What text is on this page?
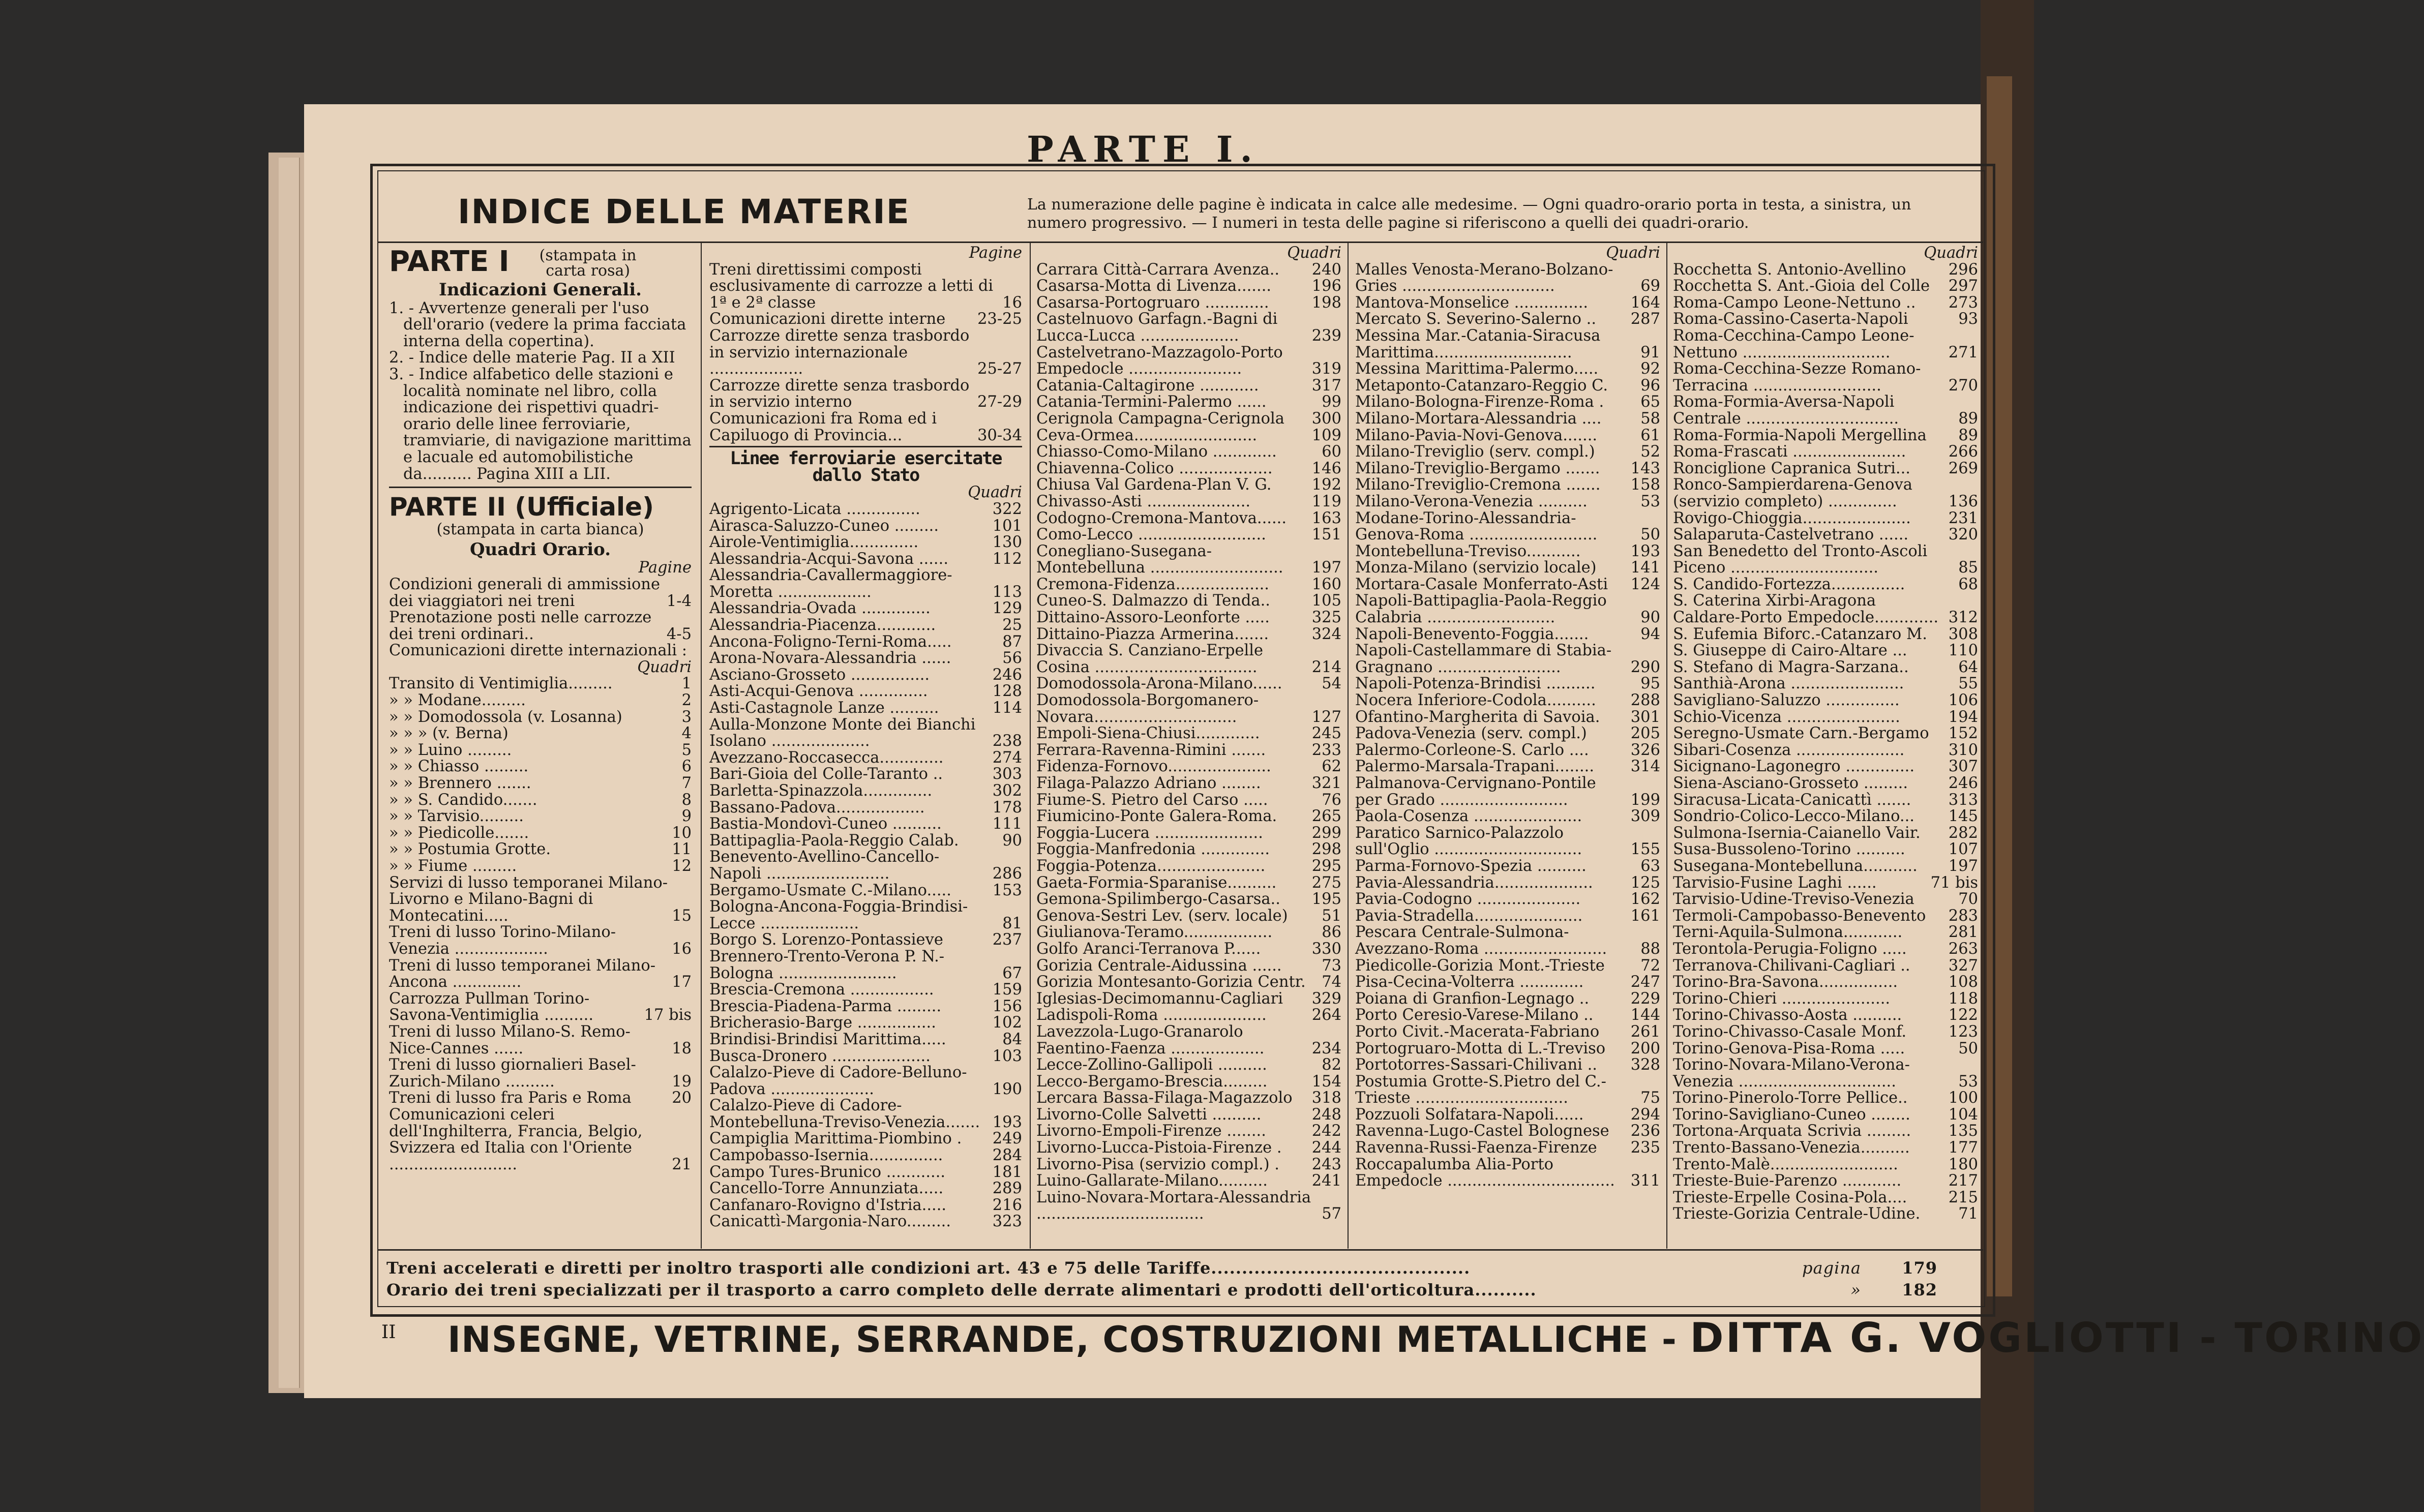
PARTE I.
INDICE DELLE MATERIE	La numerazione delle pagine è indicata in calce alle medesime. — Ogni quadro-orario porta in testa, a sinistra, un numero progressivo. — I numeri in testa delle pagine si riferiscono a quelli dei quadri-orario.
PARTE I (stampata in carta rosa)
Indicazioni Generali.
1. - Avvertenze generali per l'uso dell'orario (vedere la prima facciata interna della copertina).
2. - Indice delle materie Pag. II a XII
3. - Indice alfabetico delle stazioni e località nominate nel libro, colla indicazione dei rispettivi quadri-orario delle linee ferroviarie, tramviarie, di navigazione marittima e lacuale ed automobilistiche da.......... Pagina XIII a LII.
PARTE II (Ufficiale)
(stampata in carta bianca)
Quadri Orario.
Pagine
Condizioni generali di ammissione dei viaggiatori nei treni	1-4
Prenotazione posti nelle carrozze dei treni ordinari..	4-5
Comunicazioni dirette internazionali :
Quadri
Transito di Ventimiglia.........	1
» » Modane.........	2
» » Domodossola (v. Losanna)	3
» » » (v. Berna)	4
» » Luino .........	5
» » Chiasso .........	6
» » Brennero .......	7
» » S. Candido.......	8
» » Tarvisio.........	9
» » Piedicolle.......	10
» » Postumia Grotte.	11
» » Fiume .........	12
Servizi di lusso temporanei Milano-Livorno e Milano-Bagni di Montecatini.....	15
Treni di lusso Torino-Milano-Venezia ...................	16
Treni di lusso temporanei Milano-Ancona ..............	17
Carrozza Pullman Torino-Savona-Ventimiglia ..........	17 bis
Treni di lusso Milano-S. Remo-Nice-Cannes ......	18
Treni di lusso giornalieri Basel-Zurich-Milano ..........	19
Treni di lusso fra Paris e Roma	20
Comunicazioni celeri dell'Inghilterra, Francia, Belgio, Svizzera ed Italia con l'Oriente ..........................	21
Pagine
Treni direttissimi composti esclusivamente di carrozze a letti di 1ª e 2ª classe	16
Comunicazioni dirette interne	23-25
Carrozze dirette senza trasbordo in servizio internazionale ...................	25-27
Carrozze dirette senza trasbordo in servizio interno	27-29
Comunicazioni fra Roma ed i Capiluogo di Provincia...	30-34
Linee ferroviarie esercitate dallo Stato
Quadri
Agrigento-Licata ...............	322
Airasca-Saluzzo-Cuneo .........	101
Airole-Ventimiglia..............	130
Alessandria-Acqui-Savona ......	112
Alessandria-Cavallermaggiore-Moretta ...................	113
Alessandria-Ovada ..............	129
Alessandria-Piacenza............	25
Ancona-Foligno-Terni-Roma.....	87
Arona-Novara-Alessandria ......	56
Asciano-Grosseto ................	246
Asti-Acqui-Genova ..............	128
Asti-Castagnole Lanze ..........	114
Aulla-Monzone Monte dei Bianchi Isolano ....................	238
Avezzano-Roccasecca.............	274
Bari-Gioia del Colle-Taranto ..	303
Barletta-Spinazzola..............	302
Bassano-Padova..................	178
Bastia-Mondovì-Cuneo ..........	111
Battipaglia-Paola-Reggio Calab.	90
Benevento-Avellino-Cancello-Napoli .........................	286
Bergamo-Usmate C.-Milano.....	153
Bologna-Ancona-Foggia-Brindisi-Lecce ....................	81
Borgo S. Lorenzo-Pontassieve	237
Brennero-Trento-Verona P. N.-Bologna ........................	67
Brescia-Cremona .................	159
Brescia-Piadena-Parma .........	156
Bricherasio-Barge ................	102
Brindisi-Brindisi Marittima.....	84
Busca-Dronero ....................	103
Calalzo-Pieve di Cadore-Belluno-Padova .....................	190
Calalzo-Pieve di Cadore-Montebelluna-Treviso-Venezia....... 193
Campiglia Marittima-Piombino .	249
Campobasso-Isernia...............	284
Campo Tures-Brunico ............	181
Cancello-Torre Annunziata.....	289
Canfanaro-Rovigno d'Istria.....	216
Canicattì-Margonia-Naro.........	323
Quadri
Carrara Città-Carrara Avenza..	240
Casarsa-Motta di Livenza.......	196
Casarsa-Portogruaro .............	198
Castelnuovo Garfagn.-Bagni di Lucca-Lucca ....................	239
Castelvetrano-Mazzagolo-Porto Empedocle .......................	319
Catania-Caltagirone ............	317
Catania-Termini-Palermo ......	99
Cerignola Campagna-Cerignola	300
Ceva-Ormea.........................	109
Chiasso-Como-Milano .............	60
Chiavenna-Colico ...................	146
Chiusa Val Gardena-Plan V. G.	192
Chivasso-Asti .....................	119
Codogno-Cremona-Mantova......	163
Como-Lecco ..........................	151
Conegliano-Susegana-Montebelluna ...........................	197
Cremona-Fidenza...................	160
Cuneo-S. Dalmazzo di Tenda..	105
Dittaino-Assoro-Leonforte .....	325
Dittaino-Piazza Armerina.......	324
Divaccia S. Canziano-Erpelle Cosina .................................	214
Domodossola-Arona-Milano......	54
Domodossola-Borgomanero-Novara.............................	127
Empoli-Siena-Chiusi.............	245
Ferrara-Ravenna-Rimini .......	233
Fidenza-Fornovo.....................	62
Filaga-Palazzo Adriano ........	321
Fiume-S. Pietro del Carso .....	76
Fiumicino-Ponte Galera-Roma.	265
Foggia-Lucera ......................	299
Foggia-Manfredonia ..............	298
Foggia-Potenza......................	295
Gaeta-Formia-Sparanise..........	275
Gemona-Spilimbergo-Casarsa..	195
Genova-Sestri Lev. (serv. locale)	51
Giulianova-Teramo..................	86
Golfo Aranci-Terranova P......	330
Gorizia Centrale-Aidussina ......	73
Gorizia Montesanto-Gorizia Centr.	74
Iglesias-Decimomannu-Cagliari	329
Ladispoli-Roma .....................	264
Lavezzola-Lugo-Granarolo Faentino-Faenza ...................	234
Lecce-Zollino-Gallipoli ..........	82
Lecco-Bergamo-Brescia.........	154
Lercara Bassa-Filaga-Magazzolo	318
Livorno-Colle Salvetti ..........	248
Livorno-Empoli-Firenze ........	242
Livorno-Lucca-Pistoia-Firenze .	244
Livorno-Pisa (servizio compl.) .	243
Luino-Gallarate-Milano..........	241
Luino-Novara-Mortara-Alessandria ..................................	57
Quadri
Malles Venosta-Merano-Bolzano-Gries ...............................	69
Mantova-Monselice ...............	164
Mercato S. Severino-Salerno ..	287
Messina Mar.-Catania-Siracusa Marittima............................	91
Messina Marittima-Palermo.....	92
Metaponto-Catanzaro-Reggio C.	96
Milano-Bologna-Firenze-Roma .	65
Milano-Mortara-Alessandria ....	58
Milano-Pavia-Novi-Genova.......	61
Milano-Treviglio (serv. compl.)	52
Milano-Treviglio-Bergamo .......	143
Milano-Treviglio-Cremona .......	158
Milano-Verona-Venezia ..........	53
Modane-Torino-Alessandria-Genova-Roma ..........................	50
Montebelluna-Treviso...........	193
Monza-Milano (servizio locale)	141
Mortara-Casale Monferrato-Asti	124
Napoli-Battipaglia-Paola-Reggio Calabria ..........................	90
Napoli-Benevento-Foggia.......	94
Napoli-Castellammare di Stabia-Gragnano .........................	290
Napoli-Potenza-Brindisi ..........	95
Nocera Inferiore-Codola..........	288
Ofantino-Margherita di Savoia.	301
Padova-Venezia (serv. compl.)	205
Palermo-Corleone-S. Carlo ....	326
Palermo-Marsala-Trapani........	314
Palmanova-Cervignano-Pontile per Grado ..........................	199
Paola-Cosenza ......................	309
Paratico Sarnico-Palazzolo sull'Oglio ..............................	155
Parma-Fornovo-Spezia ..........	63
Pavia-Alessandria....................	125
Pavia-Codogno .....................	162
Pavia-Stradella......................	161
Pescara Centrale-Sulmona-Avezzano-Roma .........................	88
Piedicolle-Gorizia Mont.-Trieste	72
Pisa-Cecina-Volterra .............	247
Poiana di Granfion-Legnago ..	229
Porto Ceresio-Varese-Milano ..	144
Porto Civit.-Macerata-Fabriano	261
Portogruaro-Motta di L.-Treviso	200
Portotorres-Sassari-Chilivani ..	328
Postumia Grotte-S.Pietro del C.-Trieste ...............................	75
Pozzuoli Solfatara-Napoli......	294
Ravenna-Lugo-Castel Bolognese	236
Ravenna-Russi-Faenza-Firenze	235
Roccapalumba Alia-Porto Empedocle ..................................	311
Quadri
Rocchetta S. Antonio-Avellino	296
Rocchetta S. Ant.-Gioia del Colle	297
Roma-Campo Leone-Nettuno ..	273
Roma-Cassino-Caserta-Napoli	93
Roma-Cecchina-Campo Leone-Nettuno ..............................	271
Roma-Cecchina-Sezze Romano-Terracina ..........................	270
Roma-Formia-Aversa-Napoli Centrale ...............................	89
Roma-Formia-Napoli Mergellina	89
Roma-Frascati .......................	266
Ronciglione Capranica Sutri...	269
Ronco-Sampierdarena-Genova (servizio completo) ..............	136
Rovigo-Chioggia......................	231
Salaparuta-Castelvetrano ......	320
San Benedetto del Tronto-Ascoli Piceno ..............................	85
S. Candido-Fortezza...............	68
S. Caterina Xirbi-Aragona Caldare-Porto Empedocle............. 312
S. Eufemia Biforc.-Catanzaro M.	308
S. Giuseppe di Cairo-Altare ...	110
S. Stefano di Magra-Sarzana..	64
Santhià-Arona .......................	55
Savigliano-Saluzzo ...............	106
Schio-Vicenza .......................	194
Seregno-Usmate Carn.-Bergamo	152
Sibari-Cosenza ......................	310
Sicignano-Lagonegro ..............	307
Siena-Asciano-Grosseto .........	246
Siracusa-Licata-Canicattì .......	313
Sondrio-Colico-Lecco-Milano...	145
Sulmona-Isernia-Caianello Vair.	282
Susa-Bussoleno-Torino ..........	107
Susegana-Montebelluna...........	197
Tarvisio-Fusine Laghi ......	71 bis
Tarvisio-Udine-Treviso-Venezia	70
Termoli-Campobasso-Benevento	283
Terni-Aquila-Sulmona............	281
Terontola-Perugia-Foligno .....	263
Terranova-Chilivani-Cagliari ..	327
Torino-Bra-Savona................	108
Torino-Chieri ......................	118
Torino-Chivasso-Aosta ..........	122
Torino-Chivasso-Casale Monf.	123
Torino-Genova-Pisa-Roma .....	50
Torino-Novara-Milano-Verona-Venezia ................................	53
Torino-Pinerolo-Torre Pellice..	100
Torino-Savigliano-Cuneo ........	104
Tortona-Arquata Scrivia .........	135
Trento-Bassano-Venezia..........	177
Trento-Malè..........................	180
Trieste-Buie-Parenzo ............	217
Trieste-Erpelle Cosina-Pola....	215
Trieste-Gorizia Centrale-Udine.	71
Treni accelerati e diretti per inoltro trasporti alle condizioni art. 43 e 75 delle Tariffe..........................................	pagina	179
Orario dei treni specializzati per il trasporto a carro completo delle derrate alimentari e prodotti dell'orticoltura..........	»	182
II INSEGNE, VETRINE, SERRANDE, COSTRUZIONI METALLICHE - DITTA G. VOGLIOTTI - TORINO
